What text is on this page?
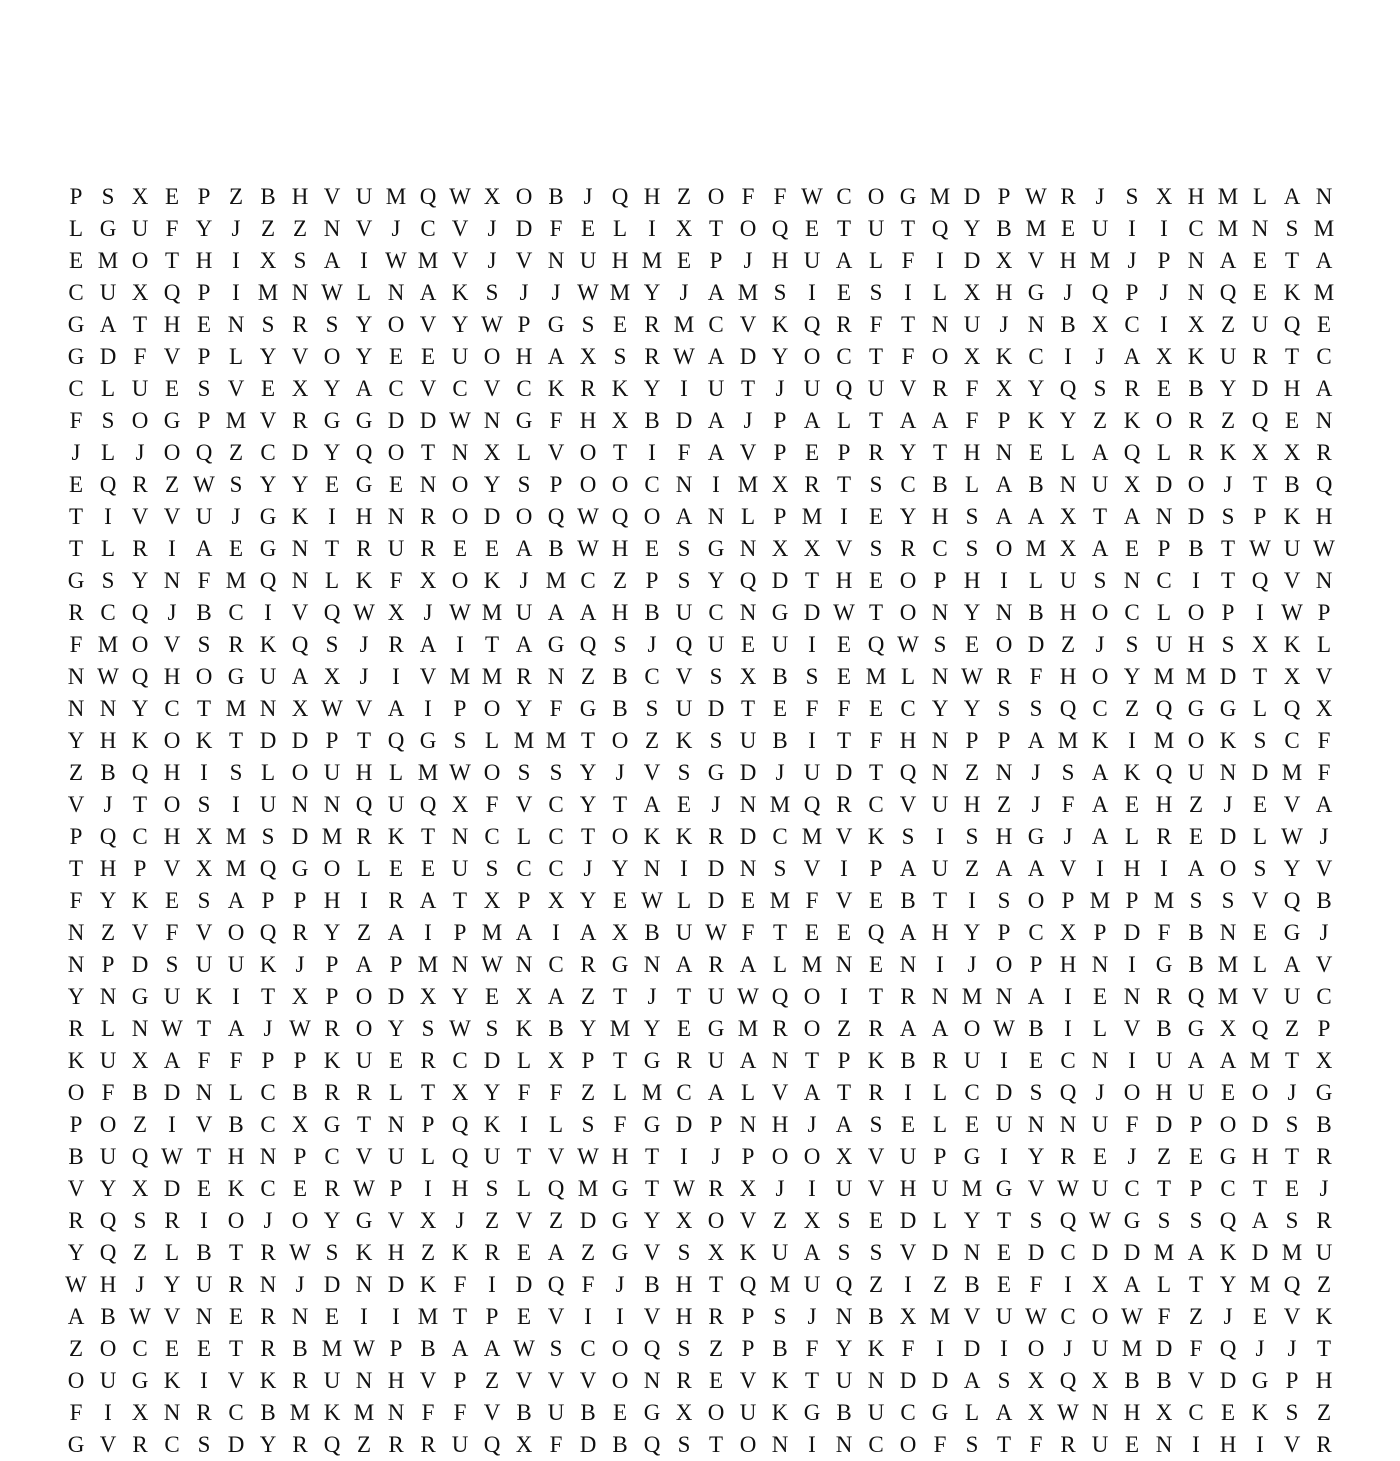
P S X E P Z B H V U M Q W X O B J Q H Z O F F W C O G M D P W R J S X H M L A N
L G U F Y J Z Z N V J C V J D F E L I X T O Q E T U T Q Y B M E U I	I C M N S M
E M O T H I X S A I W M V J V N U H M E P J H U A L F I D X V H M J P N A E T A
C U X Q P I M N W L N A K S J	J W M Y J A M S I E S I L X H G J Q P J N Q E K M
G A T H E N S R S Y O V Y W P G S E R M C V K Q R F T N U J N B X C I X Z U Q E
G D F V P L Y V O Y E E U O H A X S R W A D Y O C T F O X K C I	J A X K U R T C
C L U E S V E X Y A C V C V C K R K Y I U T J U Q U V R F X Y Q S R E B Y D H A
F S O G P M V R G G D D W N G F H X B D A J P A L T A A F P K Y Z K O R Z Q E N
J L J O Q Z C D Y Q O T N X L V O T I F A V P E P R Y T H N E L A Q L R K X X R
E Q R Z W S Y Y E G E N O Y S P O O C N I M X R T S C B L A B N U X D O J T B Q
T I V V U J G K I H N R O D O Q W Q O A N L P M I E Y H S A A X T A N D S P K H
T L R I A E G N T R U R E E A B W H E S G N X X V S R C S O M X A E P B T W U W
G S Y N F M Q N L K F X O K J M C Z P S Y Q D T H E O P H I L U S N C I T Q V N
R C Q J B C I V Q W X J W M U A A H B U C N G D W T O N Y N B H O C L O P I W P
F M O V S R K Q S J R A I T A G Q S J Q U E U I E Q W S E O D Z J S U H S X K L
N W Q H O G U A X J	I V M M R N Z B C V S X B S E M L N W R F H O Y M M D T X V
N N Y C T M N X W V A I P O Y F G B S U D T E F F E C Y Y S S Q C Z Q G G L Q X
Y H K O K T D D P T Q G S L M M T O Z K S U B I T F H N P P A M K I M O K S C F
Z B Q H I S L O U H L M W O S S Y J V S G D J U D T Q N Z N J S A K Q U N D M F
V J T O S I U N N Q U Q X F V C Y T A E J N M Q R C V U H Z J F A E H Z J E V A
P Q C H X M S D M R K T N C L C T O K K R D C M V K S I S H G J A L R E D L W J
T H P V X M Q G O L E E U S C C J Y N I D N S V I P A U Z A A V I H I A O S Y V
F Y K E S A P P H I R A T X P X Y E W L D E M F V E B T I S O P M P M S S V Q B
N Z V F V O Q R Y Z A I P M A I A X B U W F T E E Q A H Y P C X P D F B N E G J
N P D S U U K J P A P M N W N C R G N A R A L M N E N I	J O P H N I G B M L A V
Y N G U K I T X P O D X Y E X A Z T J T U W Q O I T R N M N A I E N R Q M V U C
R L N W T A J W R O Y S W S K B Y M Y E G M R O Z R A A O W B I L V B G X Q Z P
K U X A F F P P K U E R C D L X P T G R U A N T P K B R U I E C N I U A A M T X
O F B D N L C B R R L T X Y F F Z L M C A L V A T R I L C D S Q J O H U E O J G
P O Z I V B C X G T N P Q K I L S F G D P N H J A S E L E U N N U F D P O D S B
B U Q W T H N P C V U L Q U T V W H T I	J P O O X V U P G I Y R E J Z E G H T R
V Y X D E K C E R W P I H S L Q M G T W R X J	I U V H U M G V W U C T P C T E J
R Q S R I O J O Y G V X J Z V Z D G Y X O V Z X S E D L Y T S Q W G S S Q A S R
Y Q Z L B T R W S K H Z K R E A Z G V S X K U A S S V D N E D C D D M A K D M U
W H J Y U R N J D N D K F I D Q F J B H T Q M U Q Z I Z B E F I X A L T Y M Q Z
A B W V N E R N E I	I M T P E V I	I V H R P S J N B X M V U W C O W F Z J E V K
Z O C E E T R B M W P B A A W S C O Q S Z P B F Y K F I D I O J U M D F Q J	J T
O U G K I V K R U N H V P Z V V V O N R E V K T U N D D A S X Q X B B V D G P H
F I X N R C B M K M N F F V B U B E G X O U K G B U C G L A X W N H X C E K S Z
G V R C S D Y R Q Z R R U Q X F D B Q S T O N I N C O F S T F R U E N I H I V R
